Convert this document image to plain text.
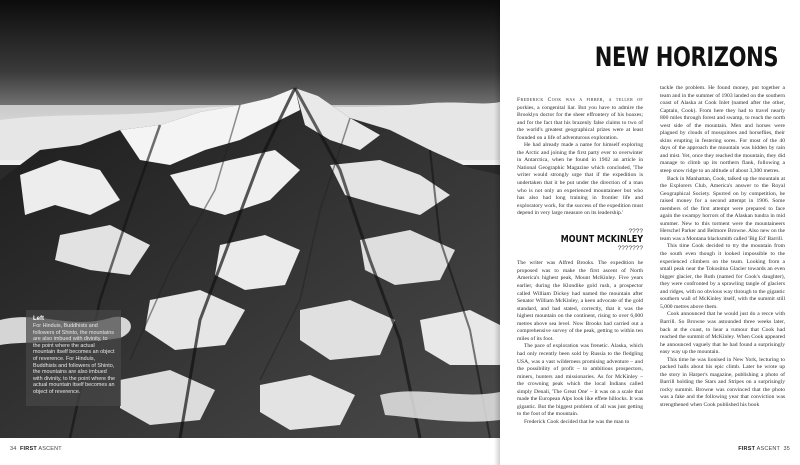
Left
For Hinduis, Buddhists and followers of Shinto, the mountains are also imbued with divinity, to the point where the actual mountain itself becomes an object of reverence. For Hinduis, Buddhists and followers of Shinto, the mountains are also imbued with divinity, to the point where the actual mountain itself becomes an object of reverence.
34 FIRST ASCENT
NEW HORIZONS

Frederick Cook was a fibber, a teller of porkies, a congenital liar. But you have to admire the Brooklyn doctor for the sheer effrontery of his hoaxes; and for the fact that his brazenly false claims to two of the world's greatest geographical prizes were at least founded on a life of adventurous exploration.

He had already made a name for himself exploring the Arctic and joining the first party ever to overwinter in Antarctica, when he found in 1902 an article in National Geographic Magazine which concluded, 'The writer would strongly urge that if the expedition is undertaken that it be put under the direction of a man who is not only an experienced mountaineer but who has also had long training in frontier life and exploratory work, for the success of the expedition must depend in very large measure on its leadership.'

????
MOUNT MCKINLEY
???????

The writer was Alfred Brooks. The expedition he proposed was to make the first ascent of North America's highest peak, Mount McKinley. Five years earlier, during the Klondike gold rush, a prospector called William Dickey had named the mountain after Senator William McKinley, a keen advocate of the gold standard, and had stated, correctly, that it was the highest mountain on the continent, rising to over 6,000 metres above sea level. Now Brooks had carried out a comprehensive survey of the peak, getting to within ten miles of its foot.

The pace of exploration was frenetic. Alaska, which had only recently been sold by Russia to the fledgling USA, was a vast wilderness promising adventure – and the possibility of profit – to ambitious prospectors, miners, hunters and missionaries. As for McKinley – the crowning peak which the local Indians called simply Denali, 'The Great One' – it was on a scale that made the European Alps look like effete hillocks. It was gigantic. But the biggest problem of all was just getting to the foot of the mountain.

Frederick Cook decided that he was the man to

tackle the problem. He found money, put together a team and in the summer of 1903 landed on the southern coast of Alaska at Cook Inlet (named after the other, Captain, Cook). From here they had to travel nearly 800 miles through forest and swamp, to reach the north west side of the mountain. Men and horses were plagued by clouds of mosquitoes and horseflies, their skins erupting in festering sores. For most of the 40 days of the approach the mountain was hidden by rain and mist. Yet, once they reached the mountain, they did manage to climb up its northern flank, following a steep snow ridge to an altitude of about 3,300 metres.

Back in Manhattan, Cook, talked up the mountain at the Explorers Club, America's answer to the Royal Geographical Society. Spurred on by competition, he raised money for a second attempt in 1906. Some members of the first attempt were prepared to face again the swampy horrors of the Alaskan tundra in mid summer. New to this torment were the mountaineers Herschel Parker and Belmore Browne. Also new on the team was a Montana blacksmith called 'Big Ed' Barrill.

This time Cook decided to try the mountain from the south even though it looked impossible to the experienced climbers on the team. Looking from a small peak near the Tokositna Glacier towards an even bigger glacier, the Ruth (named for Cook's daughter), they were confronted by a sprawling tangle of glaciers and ridges, with no obvious way through to the gigantic southern wall of McKinley itself, with the summit still 5,000 metres above them.

Cook announced that he would just do a recce with Barrill. So Browne was astounded three weeks later, back at the coast, to hear a rumour that Cook had reached the summit of McKinley. When Cook appeared he announced vaguely that he had found a surprisingly easy way up the mountain.

This time he was lionised in New York, lecturing to packed halls about his epic climb. Later he wrote up the story in Harper's magazine, publishing a photo of Barrill holding the Stars and Stripes on a surprisingly rocky summit. Browne was convinced that the photo was a fake and the following year that conviction was strengthened when Cook published his book

FIRST ASCENT 35
